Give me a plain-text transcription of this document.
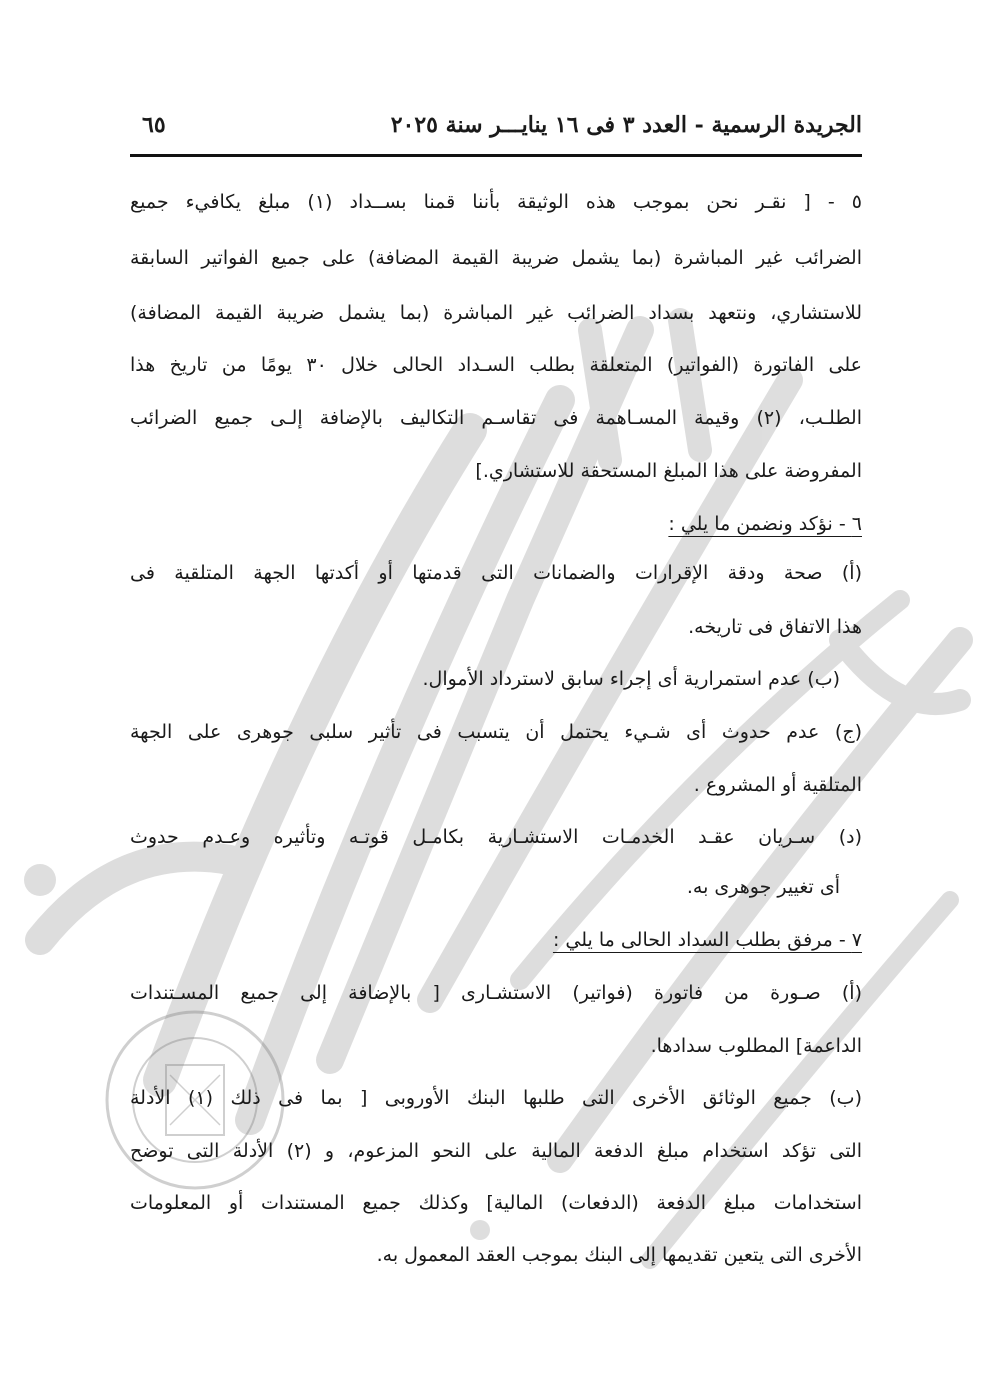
الجريدة الرسمية - العدد ٣ فى ١٦ ينايـــر سنة ٢٠٢٥
٦٥
٥ - [ نقـر نحن بموجب هذه الوثيقة بأننا قمنا بســداد (١) مبلغ يكافيء جميع
الضرائب غير المباشرة (بما يشمل ضريبة القيمة المضافة) على جميع الفواتير السابقة
للاستشاري، ونتعهد بسداد الضرائب غير المباشرة (بما يشمل ضريبة القيمة المضافة)
على الفاتورة (الفواتير) المتعلقة بطلب السـداد الحالى خلال ٣٠ يومًا من تاريخ هذا
الطلـب، (٢) وقيمة المسـاهمة فى تقاسـم التكاليف بالإضافة إلـى جميع الضرائب
المفروضة على هذا المبلغ المستحقة للاستشاري.]
٦ - نؤكد ونضمن ما يلي :
(أ) صحة ودقة الإقرارات والضمانات التى قدمتها أو أكدتها الجهة المتلقية فى
هذا الاتفاق فى تاريخه.
(ب) عدم استمرارية أى إجراء سابق لاسترداد الأموال.
(ج) عدم حدوث أى شـيء يحتمل أن يتسبب فى تأثير سلبى جوهرى على الجهة
المتلقية أو المشروع .
(د) سـريان عقـد الخدمـات الاستشـارية بكامـل قوتـه وتأثيره وعـدم حدوث
أى تغيير جوهرى به.
٧ - مرفق بطلب السداد الحالى ما يلي :
(أ) صـورة من فاتورة (فواتير) الاستشـارى [ بالإضافة إلى جميع المسـتندات
الداعمة] المطلوب سدادها.
(ب) جميع الوثائق الأخرى التى طلبها البنك الأوروبى [ بما فى ذلك (١) الأدلة
التى تؤكد استخدام مبلغ الدفعة المالية على النحو المزعوم، و (٢) الأدلة التى توضح
استخدامات مبلغ الدفعة (الدفعات) المالية] وكذلك جميع المستندات أو المعلومات
الأخرى التى يتعين تقديمها إلى البنك بموجب العقد المعمول به.
